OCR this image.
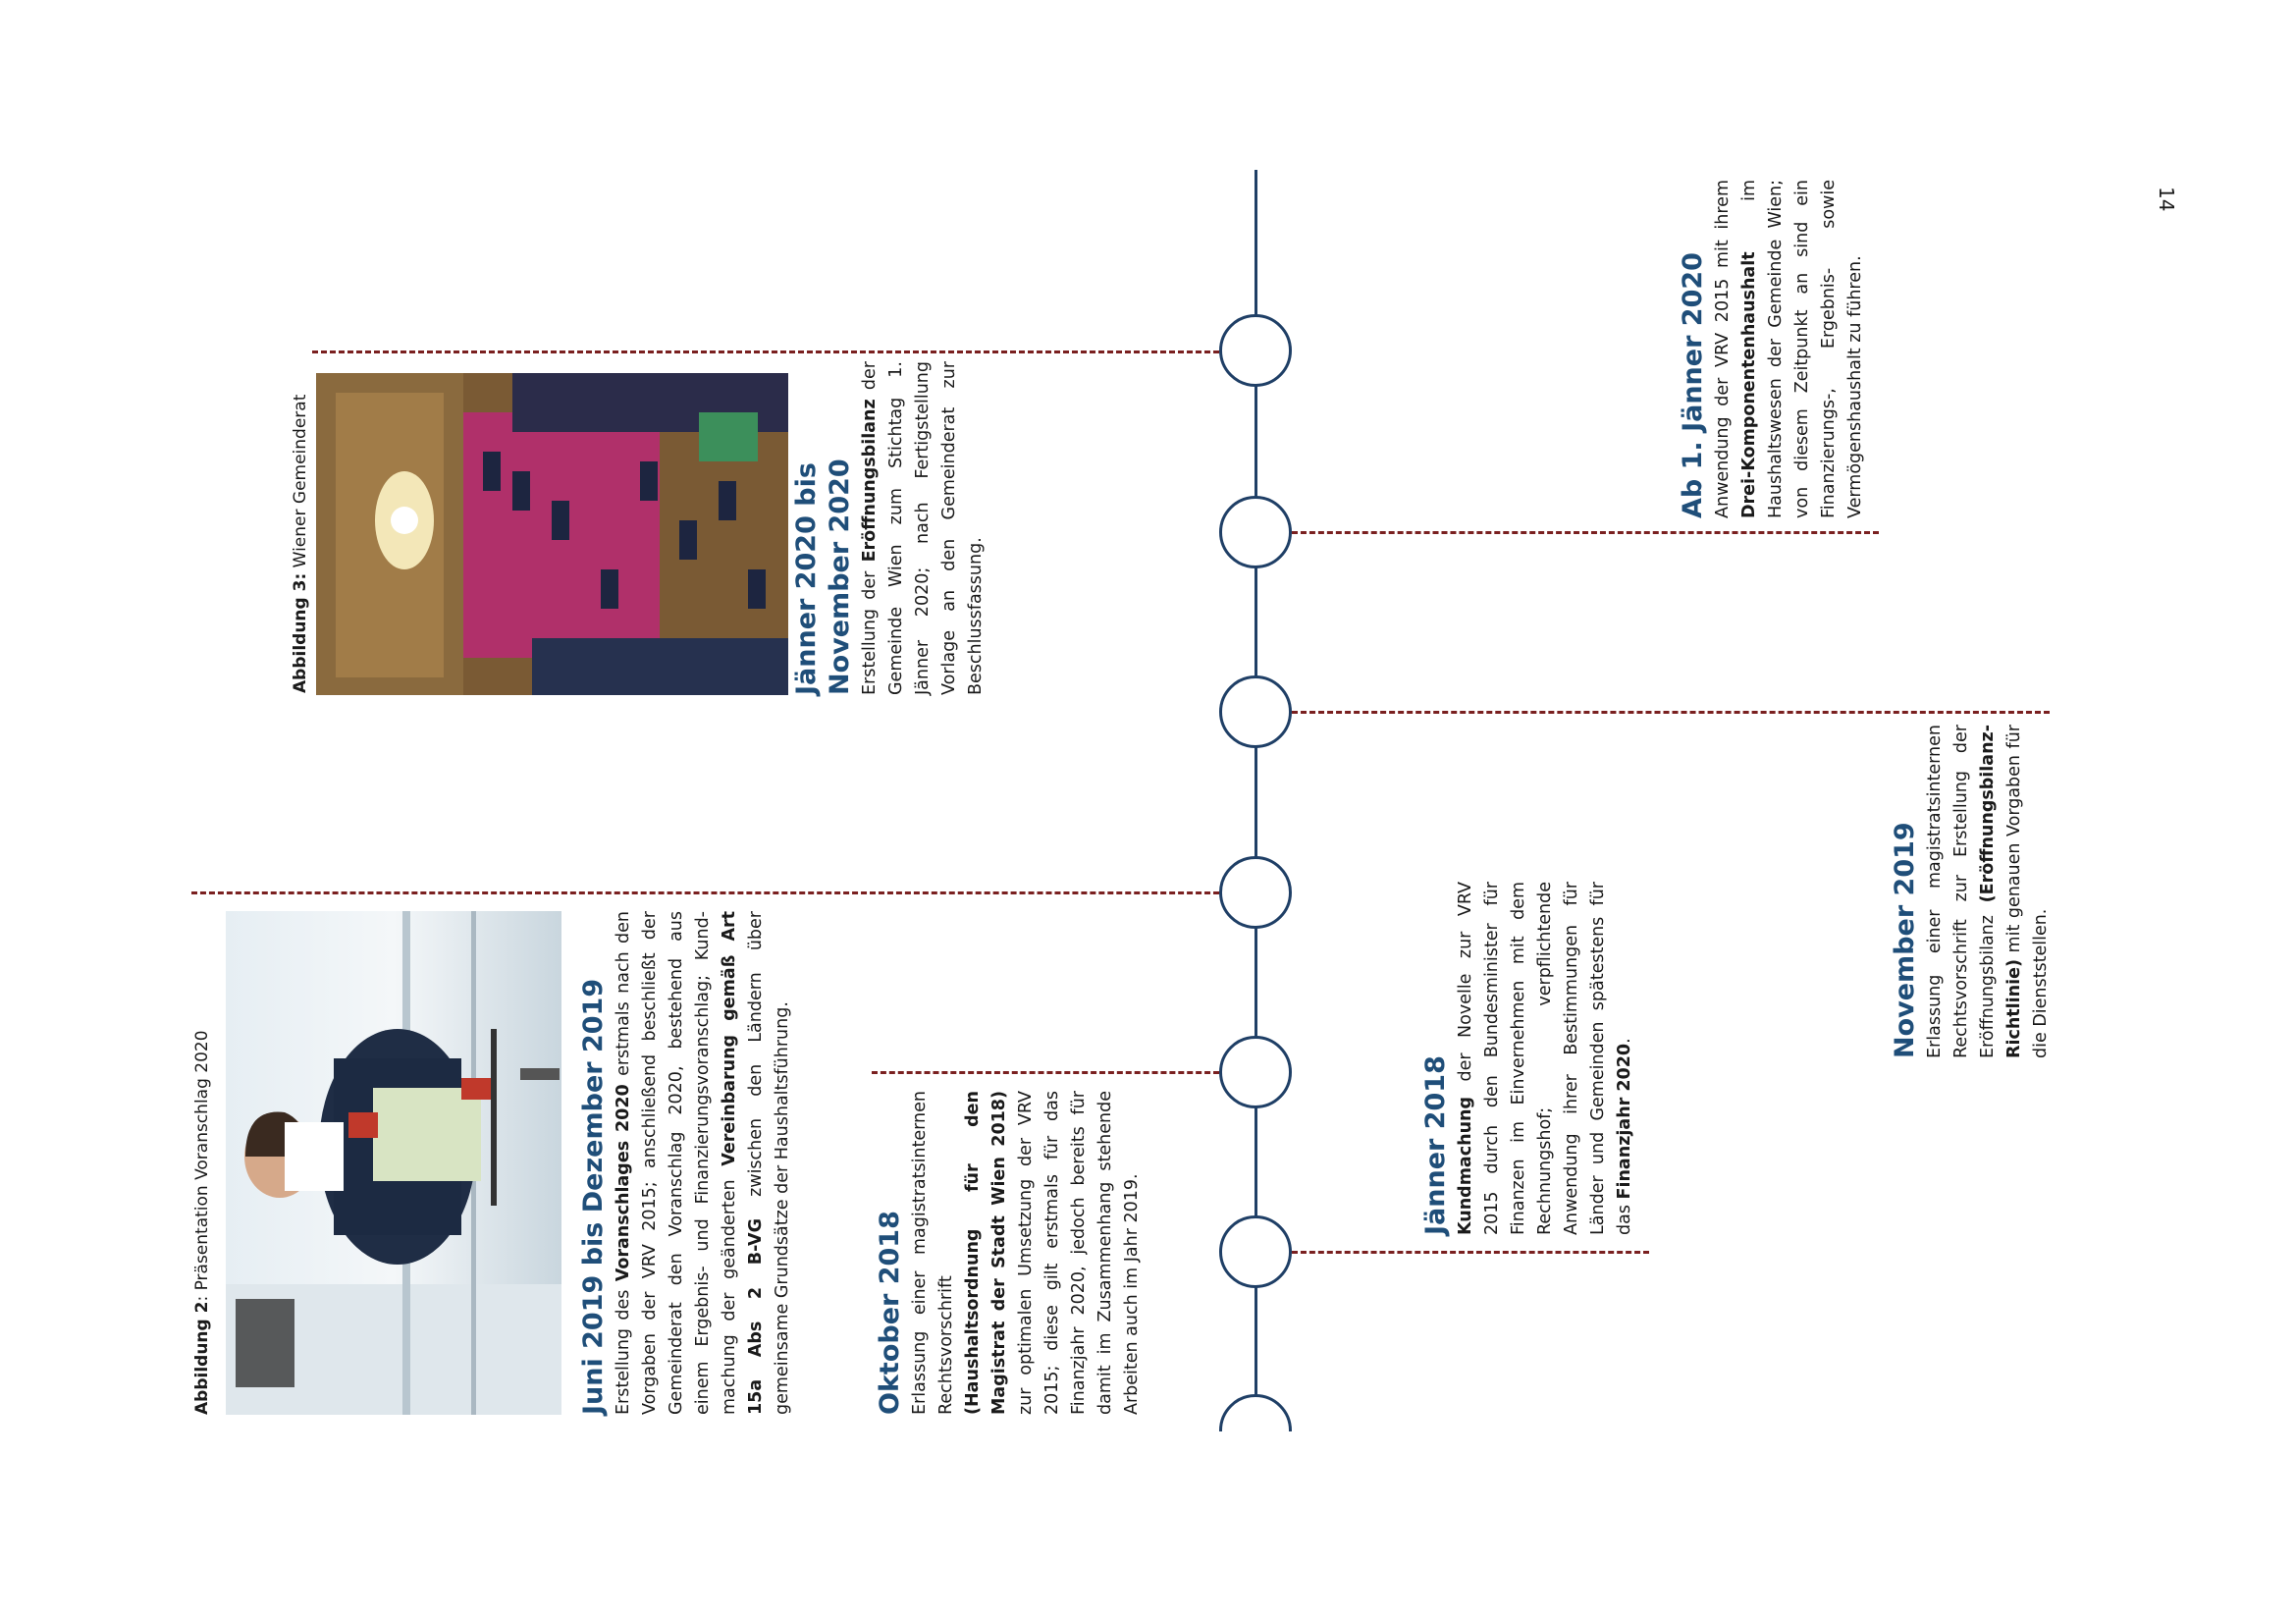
14
Abbildung 2: Präsentation Voranschlag 2020
Abbildung 3: Wiener Gemeinderat
Juni 2019 bis Dezember 2019 Erstellung des Voranschlages 2020 erstmals nach den Vorgaben der VRV 2015; anschließend beschließt der Gemeinderat den Voranschlag 2020, bestehend aus einem Ergebnis- und Finanzierungsvoranschlag; Kund-machung der geänderten Vereinbarung gemäß Art 15a Abs 2 B-VG zwischen den Ländern über gemeinsame Grundsätze der Haushaltsführung.	Oktober 2018 Erlassung einer magistratsinternen Rechtsvorschrift (Haushaltsordnung für den Magistrat der Stadt Wien 2018) zur optimalen Umsetzung der VRV 2015; diese gilt erstmals für das Finanzjahr 2020, jedoch bereits für damit im Zusammenhang stehende Arbeiten auch im Jahr 2019.
Jänner 2020 bis November 2020 Erstellung der Eröffnungsbilanz der Gemeinde Wien zum Stichtag 1. Jänner 2020; nach Fertigstellung Vorlage an den Gemeinderat zur Beschlussfassung.
Jänner 2018 Kundmachung der Novelle zur VRV 2015 durch den Bundesminister für Finanzen im Einvernehmen mit dem Rechnungshof; verpflichtende Anwendung ihrer Bestimmungen für Länder und Gemeinden spätestens für das Finanzjahr 2020.	November 2019 Erlassung einer magistratsinternen Rechtsvorschrift zur Erstellung der Eröffnungsbilanz (Eröffnungsbilanz-Richtlinie) mit genauen Vorgaben für die Dienststellen.
Ab 1. Jänner 2020 Anwendung der VRV 2015 mit ihrem Drei-Komponentenhaushalt im Haushaltswesen der Gemeinde Wien; von diesem Zeitpunkt an sind ein Finanzierungs-, Ergebnis- sowie Vermögenshaushalt zu führen.
